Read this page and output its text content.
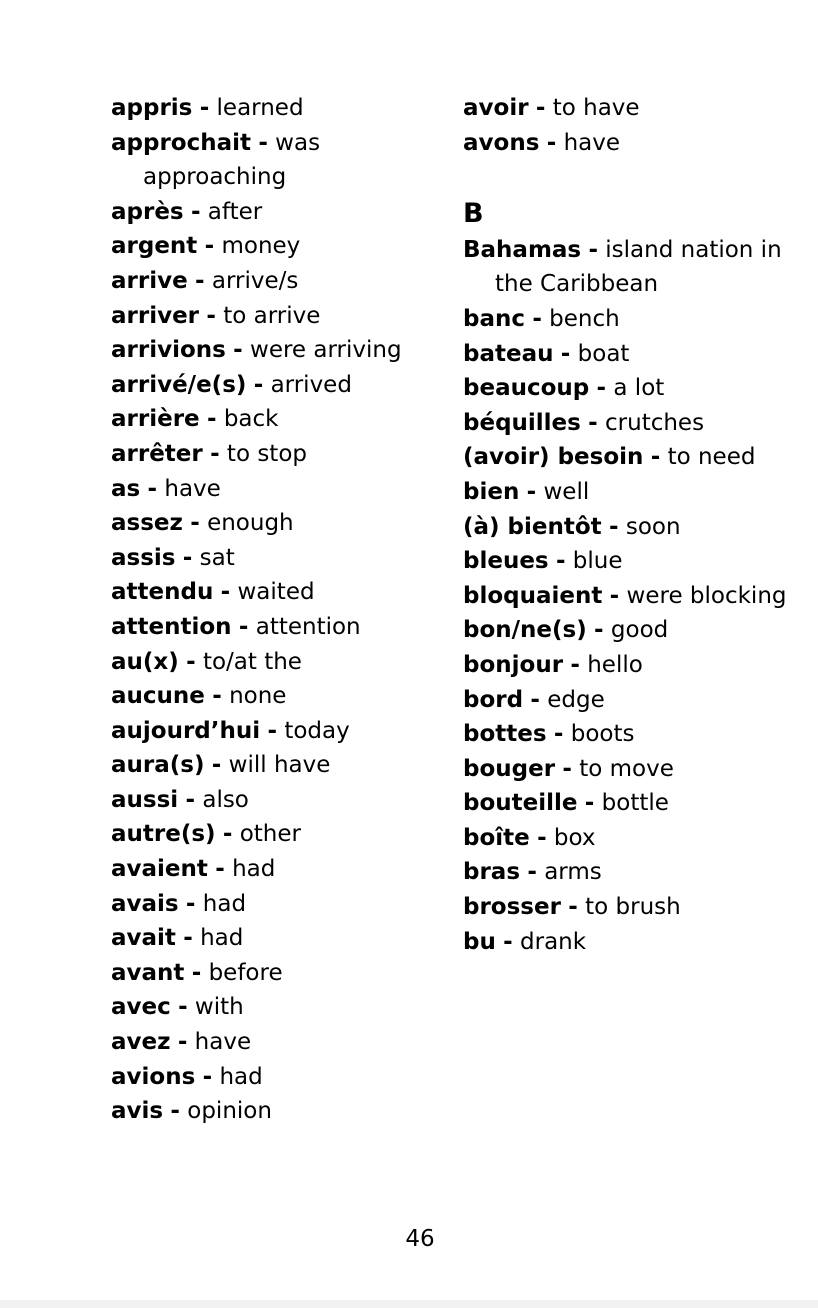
appris - learned
approchait - was approaching
après - after
argent - money
arrive - arrive/s
arriver - to arrive
arrivions - were arriving
arrivé/e(s) - arrived
arrière - back
arrêter - to stop
as - have
assez - enough
assis - sat
attendu - waited
attention - attention
au(x) - to/at the
aucune - none
aujourd’hui - today
aura(s) - will have
aussi - also
autre(s) - other
avaient - had
avais - had
avait - had
avant - before
avec - with
avez - have
avions - had
avis - opinion
avoir - to have
avons - have
B
Bahamas - island nation in the Caribbean
banc - bench
bateau - boat
beaucoup - a lot
béquilles - crutches
(avoir) besoin - to need
bien - well
(à) bientôt - soon
bleues - blue
bloquaient - were blocking
bon/ne(s) - good
bonjour - hello
bord - edge
bottes - boots
bouger - to move
bouteille - bottle
boîte - box
bras - arms
brosser - to brush
bu - drank
46
